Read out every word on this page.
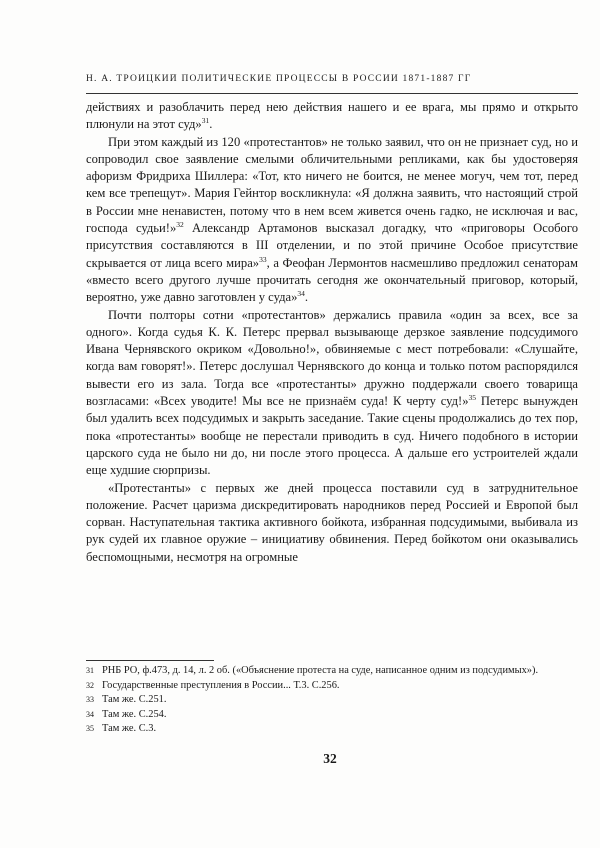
Н. А. ТРОИЦКИЙ ПОЛИТИЧЕСКИЕ ПРОЦЕССЫ В РОССИИ 1871-1887 ГГ

действиях и разоблачить перед нею действия нашего и ее врага, мы прямо и открыто плюнули на этот суд»$^{31}$.

При этом каждый из 120 «протестантов» не только заявил, что он не признает суд, но и сопроводил свое заявление смелыми обличительными репликами, как бы удостоверяя афоризм Фридриха Шиллера: «Тот, кто ничего не боится, не менее могуч, чем тот, перед кем все трепещут». Мария Гейнтор воскликнула: «Я должна заявить, что настоящий строй в России мне ненавистен, потому что в нем всем живется очень гадко, не исключая и вас, господа судьи!»$^{32}$ Александр Артамонов высказал догадку, что «приговоры Особого присутствия составляются в III отделении, и по этой причине Особое присутствие скрывается от лица всего мира»$^{33}$, а Феофан Лермонтов насмешливо предложил сенаторам «вместо всего другого лучше прочитать сегодня же окончательный приговор, который, вероятно, уже давно заготовлен у суда»$^{34}$.

Почти полторы сотни «протестантов» держались правила «один за всех, все за одного». Когда судья К. К. Петерс прервал вызывающе дерзкое заявление подсудимого Ивана Чернявского окриком «Довольно!», обвиняемые с мест потребовали: «Слушайте, когда вам говорят!». Петерс дослушал Чернявского до конца и только потом распорядился вывести его из зала. Тогда все «протестанты» дружно поддержали своего товарища возгласами: «Всех уводите! Мы все не признаём суда! К черту суд!»$^{35}$ Петерс вынужден был удалить всех подсудимых и закрыть заседание. Такие сцены продолжались до тех пор, пока «протестанты» вообще не перестали приводить в суд. Ничего подобного в истории царского суда не было ни до, ни после этого процесса. А дальше его устроителей ждали еще худшие сюрпризы.

«Протестанты» с первых же дней процесса поставили суд в затруднительное положение. Расчет царизма дискредитировать народников перед Россией и Европой был сорван. Наступательная тактика активного бойкота, избранная подсудимыми, выбивала из рук судей их главное оружие – инициативу обвинения. Перед бойкотом они оказывались беспомощными, несмотря на огромные

31 РНБ РО, ф.473, д. 14, л. 2 об. («Объяснение протеста на суде, написанное одним из подсудимых»).

32 Государственные преступления в России... Т.3. С.256.

33 Там же. С.251.

34 Там же. С.254.

35 Там же. С.3.

32
